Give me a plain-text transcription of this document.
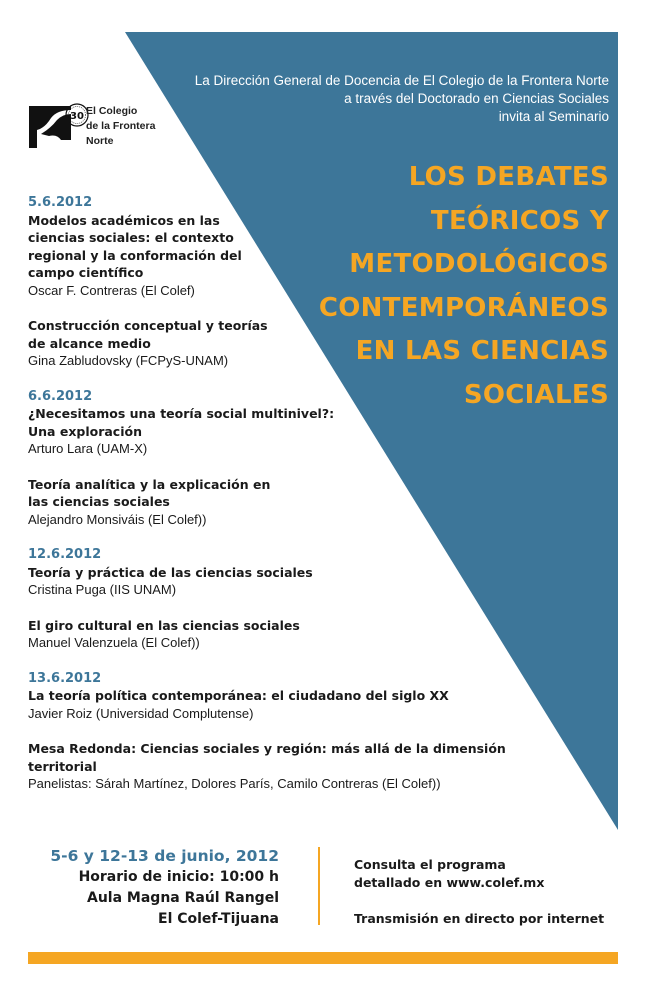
La Dirección General de Docencia de El Colegio de la Frontera Norte
a través del Doctorado en Ciencias Sociales
invita al Seminario
LOS DEBATES
TEÓRICOS Y
METODOLÓGICOS
CONTEMPORÁNEOS
EN LAS CIENCIAS
SOCIALES
30 El Colegio
de la Frontera
Norte
5.6.2012
Modelos académicos en las
ciencias sociales: el contexto
regional y la conformación del
campo científico
Oscar F. Contreras (El Colef)
Construcción conceptual y teorías
de alcance medio
Gina Zabludovsky (FCPyS-UNAM)
6.6.2012
¿Necesitamos una teoría social multinivel?:
Una exploración
Arturo Lara (UAM-X)
Teoría analítica y la explicación en
las ciencias sociales
Alejandro Monsiváis (El Colef))
12.6.2012
Teoría y práctica de las ciencias sociales
Cristina Puga (IIS UNAM)
El giro cultural en las ciencias sociales
Manuel Valenzuela (El Colef))
13.6.2012
La teoría política contemporánea: el ciudadano del siglo XX
Javier Roiz (Universidad Complutense)
Mesa Redonda: Ciencias sociales y región: más allá de la dimensión
territorial
Panelistas: Sárah Martínez, Dolores París, Camilo Contreras (El Colef))
5-6 y 12-13 de junio, 2012
Horario de inicio: 10:00 h
Aula Magna Raúl Rangel
El Colef-Tijuana
Consulta el programa
detallado en www.colef.mx
Transmisión en directo por internet
